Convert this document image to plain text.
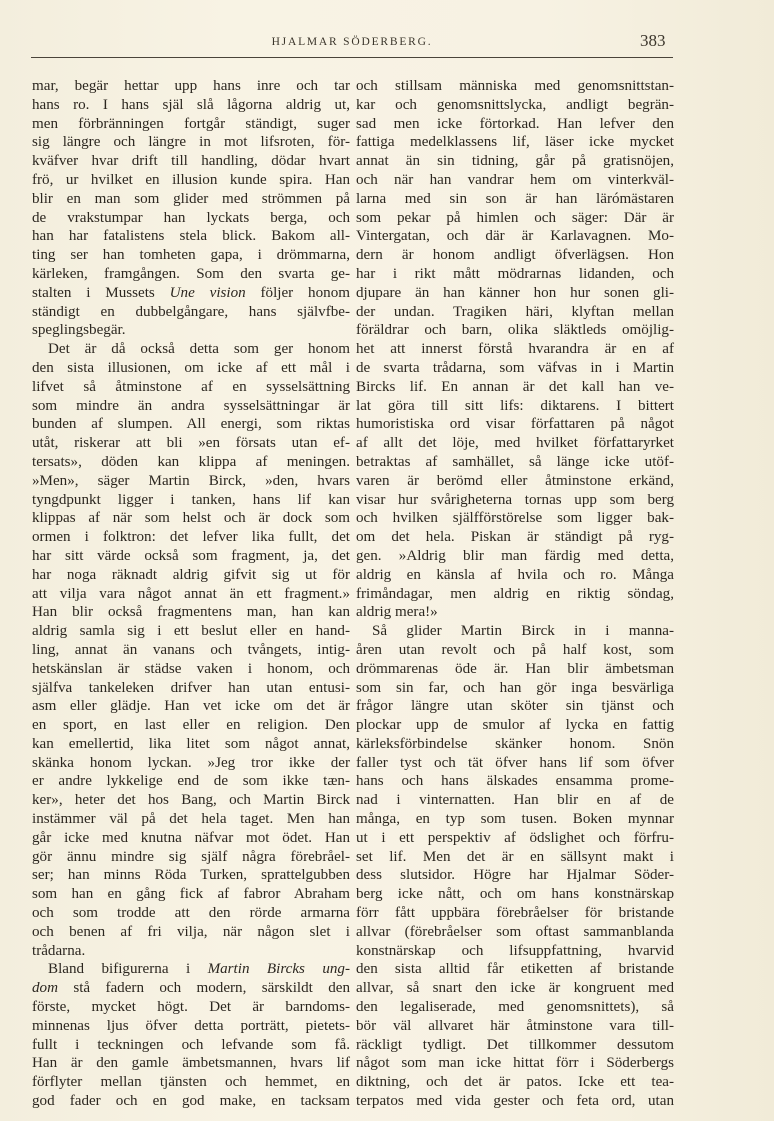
HJALMAR SÖDERBERG.	383
mar, begär hettar upp hans inre och tar
hans ro. I hans själ slå lågorna aldrig ut,
men förbränningen fortgår ständigt, suger
sig längre och längre in mot lifsroten, för-
kväfver hvar drift till handling, dödar hvart
frö, ur hvilket en illusion kunde spira. Han
blir en man som glider med strömmen på
de vrakstumpar han lyckats berga, och
han har fatalistens stela blick. Bakom all-
ting ser han tomheten gapa, i drömmarna,
kärleken, framgången. Som den svarta ge-
stalten i Mussets Une vision följer honom
ständigt en dubbelgångare, hans självfbe-
speglingsbegär.
Det är då också detta som ger honom
den sista illusionen, om icke af ett mål i
lifvet så åtminstone af en sysselsättning
som mindre än andra sysselsättningar är
bunden af slumpen. All energi, som riktas
utåt, riskerar att bli »en försats utan ef-
tersats», döden kan klippa af meningen.
»Men», säger Martin Birck, »den, hvars
tyngdpunkt ligger i tanken, hans lif kan
klippas af när som helst och är dock som
ormen i folktron: det lefver lika fullt, det
har sitt värde också som fragment, ja, det
har noga räknadt aldrig gifvit sig ut för
att vilja vara något annat än ett fragment.»
Han blir också fragmentens man, han kan
aldrig samla sig i ett beslut eller en hand-
ling, annat än vanans och tvångets, intig-
hetskänslan är städse vaken i honom, och
själfva tankeleken drifver han utan entusi-
asm eller glädje. Han vet icke om det är
en sport, en last eller en religion. Den
kan emellertid, lika litet som något annat,
skänka honom lyckan. »Jeg tror ikke der
er andre lykkelige end de som ikke tæn-
ker», heter det hos Bang, och Martin Birck
instämmer väl på det hela taget. Men han
går icke med knutna näfvar mot ödet. Han
gör ännu mindre sig själf några förebråel-
ser; han minns Röda Turken, sprattelgubben
som han en gång fick af fabror Abraham
och som trodde att den rörde armarna
och benen af fri vilja, när någon slet i
trådarna.
Bland bifigurerna i Martin Bircks ung-
dom stå fadern och modern, särskildt den
förste, mycket högt. Det är barndoms-
minnenas ljus öfver detta porträtt, pietets-
fullt i teckningen och lefvande som få.
Han är den gamle ämbetsmannen, hvars lif
förflyter mellan tjänsten och hemmet, en
god fader och en god make, en tacksam
och stillsam människa med genomsnittstan-
kar och genomsnittslycka, andligt begrän-
sad men icke förtorkad. Han lefver den
fattiga medelklassens lif, läser icke mycket
annat än sin tidning, går på gratisnöjen,
och när han vandrar hem om vinterkväl-
larna med sin son är han lärómästaren
som pekar på himlen och säger: Där är
Vintergatan, och där är Karlavagnen. Mo-
dern är honom andligt öfverlägsen. Hon
har i rikt mått mödrarnas lidanden, och
djupare än han känner hon hur sonen gli-
der undan. Tragiken häri, klyftan mellan
föräldrar och barn, olika släktleds omöjlig-
het att innerst förstå hvarandra är en af
de svarta trådarna, som väfvas in i Martin
Bircks lif. En annan är det kall han ve-
lat göra till sitt lifs: diktarens. I bittert
humoristiska ord visar författaren på något
af allt det löje, med hvilket författaryrket
betraktas af samhället, så länge icke utöf-
varen är berömd eller åtminstone erkänd,
visar hur svårigheterna tornas upp som berg
och hvilken själfförstörelse som ligger bak-
om det hela. Piskan är ständigt på ryg-
gen. »Aldrig blir man färdig med detta,
aldrig en känsla af hvila och ro. Många
frimåndagar, men aldrig en riktig söndag,
aldrig mera!»
Så glider Martin Birck in i manna-
åren utan revolt och på half kost, som
drömmarenas öde är. Han blir ämbetsman
som sin far, och han gör inga besvärliga
frågor längre utan sköter sin tjänst och
plockar upp de smulor af lycka en fattig
kärleksförbindelse skänker honom. Snön
faller tyst och tät öfver hans lif som öfver
hans och hans älskades ensamma prome-
nad i vinternatten. Han blir en af de
många, en typ som tusen. Boken mynnar
ut i ett perspektiv af ödslighet och förfru-
set lif. Men det är en sällsynt makt i
dess slutsidor. Högre har Hjalmar Söder-
berg icke nått, och om hans konstnärskap
förr fått uppbära förebråelser för bristande
allvar (förebråelser som oftast sammanblanda
konstnärskap och lifsuppfattning, hvarvid
den sista alltid får etiketten af bristande
allvar, så snart den icke är kongruent med
den legaliserade, med genomsnittets), så
bör väl allvaret här åtminstone vara till-
räckligt tydligt. Det tillkommer dessutom
något som man icke hittat förr i Söderbergs
diktning, och det är patos. Icke ett tea-
terpatos med vida gester och feta ord, utan
